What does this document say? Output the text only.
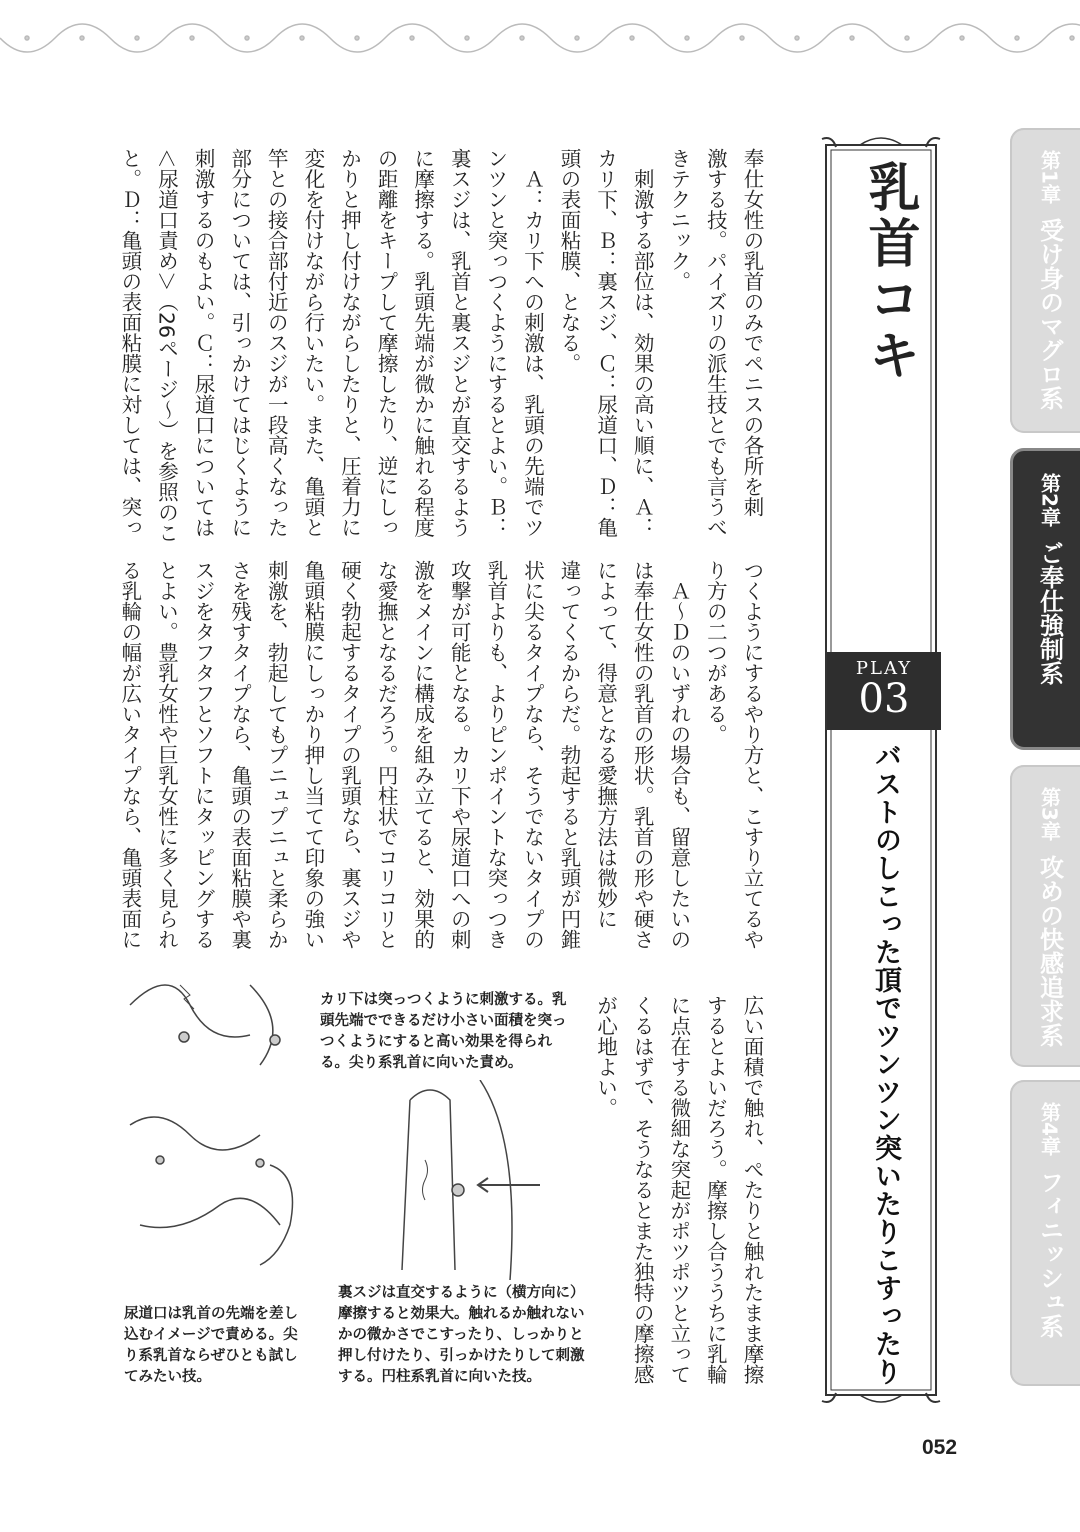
奉仕女性の乳首のみでペニスの各所を刺
激する技。パイズリの派生技とでも言うべ
きテクニック。
　刺激する部位は、効果の高い順に、Ａ：
カリ下、Ｂ：裏スジ、Ｃ：尿道口、Ｄ：亀
頭の表面粘膜、となる。
　Ａ：カリ下への刺激は、乳頭の先端でツ
ンツンと突っつくようにするとよい。Ｂ：
裏スジは、乳首と裏スジとが直交するよう
に摩擦する。乳頭先端が微かに触れる程度
の距離をキープして摩擦したり、逆にしっ
かりと押し付けながらしたりと、圧着力に
変化を付けながら行いたい。また、亀頭と
竿との接合部付近のスジが一段高くなった
部分については、引っかけてはじくように
刺激するのもよい。Ｃ：尿道口については
＜尿道口責め＞（26ページ～）を参照のこ
と。Ｄ：亀頭の表面粘膜に対しては、突っ
つくようにするやり方と、こすり立てるや
り方の二つがある。
　Ａ～Ｄのいずれの場合も、留意したいの
は奉仕女性の乳首の形状。乳首の形や硬さ
によって、得意となる愛撫方法は微妙に
違ってくるからだ。勃起すると乳頭が円錐
状に尖るタイプなら、そうでないタイプの
乳首よりも、よりピンポイントな突っつき
攻撃が可能となる。カリ下や尿道口への刺
激をメインに構成を組み立てると、効果的
な愛撫となるだろう。円柱状でコリコリと
硬く勃起するタイプの乳頭なら、裏スジや
亀頭粘膜にしっかり押し当てて印象の強い
刺激を、勃起してもプニュプニュと柔らか
さを残すタイプなら、亀頭の表面粘膜や裏
スジをタフタフとソフトにタッピングする
とよい。豊乳女性や巨乳女性に多く見られ
る乳輪の幅が広いタイプなら、亀頭表面に
広い面積で触れ、ぺたりと触れたまま摩擦
するとよいだろう。摩擦し合ううちに乳輪
に点在する微細な突起がポツポツと立って
くるはずで、そうなるとまた独特の摩擦感
が心地よい。
乳首コキ
PLAY
03
バストのしこった頂でツンツン突いたりこすったり
第1章
受け身のマグロ系
第2章
ご奉仕強制系
第3章
攻めの快感追求系
第4章
フィニッシュ系
カリ下は突っつくように刺激する。乳頭先端でできるだけ小さい面積を突っつくようにすると高い効果を得られる。尖り系乳首に向いた責め。
尿道口は乳首の先端を差し込むイメージで責める。尖り系乳首ならぜひとも試してみたい技。
裏スジは直交するように（横方向に）摩擦すると効果大。触れるか触れないかの微かさでこすったり、しっかりと押し付けたり、引っかけたりして刺激する。円柱系乳首に向いた技。
052
